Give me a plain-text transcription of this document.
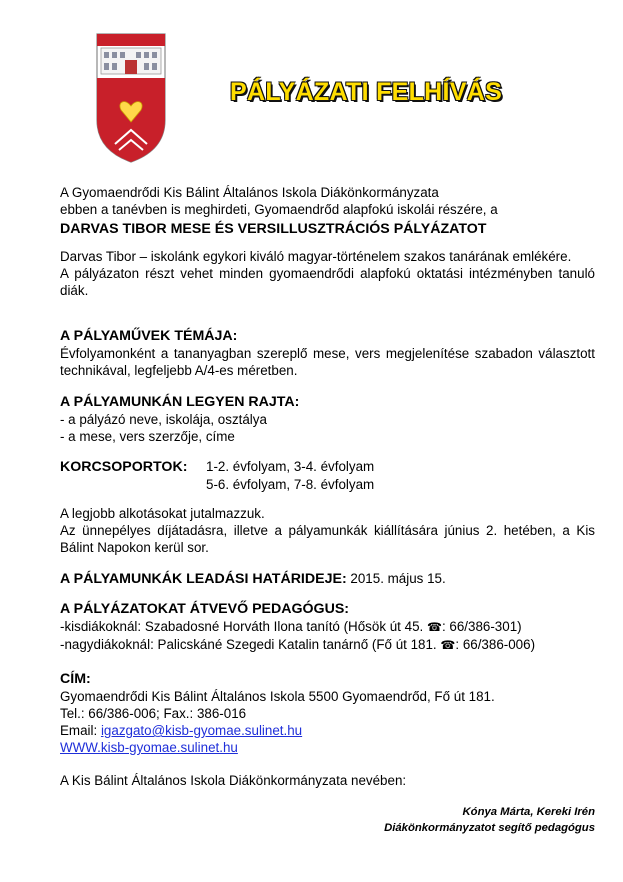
PÁLYÁZATI FELHÍVÁS
A Gyomaendrődi Kis Bálint Általános Iskola Diákönkormányzata
ebben a tanévben is meghirdeti, Gyomaendrőd alapfokú iskolái részére, a
DARVAS TIBOR MESE ÉS VERSILLUSZTRÁCIÓS PÁLYÁZATOT
Darvas Tibor – iskolánk egykori kiváló magyar-történelem szakos tanárának emlékére.
A pályázaton részt vehet minden gyomaendrődi alapfokú oktatási intézményben tanuló diák.
A PÁLYAMŰVEK TÉMÁJA:
Évfolyamonként a tananyagban szereplő mese, vers megjelenítése szabadon választott technikával, legfeljebb A/4-es méretben.
A PÁLYAMUNKÁN LEGYEN RAJTA:
- a pályázó neve, iskolája, osztálya
- a mese, vers szerzője, címe
KORCSOPORTOK:	1-2. évfolyam, 3-4. évfolyam
5-6. évfolyam, 7-8. évfolyam
A legjobb alkotásokat jutalmazzuk.
Az ünnepélyes díjátadásra, illetve a pályamunkák kiállítására június 2. hetében, a Kis Bálint Napokon kerül sor.
A PÁLYAMUNKÁK LEADÁSI HATÁRIDEJE: 2015. május 15.
A PÁLYÁZATOKAT ÁTVEVŐ PEDAGÓGUS:
-kisdiákoknál: Szabadosné Horváth Ilona tanító (Hősök út 45. ☎: 66/386-301)
-nagydiákoknál: Palicskáné Szegedi Katalin tanárnő (Fő út 181. ☎: 66/386-006)
CÍM:
Gyomaendrődi Kis Bálint Általános Iskola 5500 Gyomaendrőd, Fő út 181.
Tel.: 66/386-006; Fax.: 386-016
Email: igazgato@kisb-gyomae.sulinet.hu
WWW.kisb-gyomae.sulinet.hu
A Kis Bálint Általános Iskola Diákönkormányzata nevében:
Kónya Márta, Kereki Irén
Diákönkormányzatot segítő pedagógus
